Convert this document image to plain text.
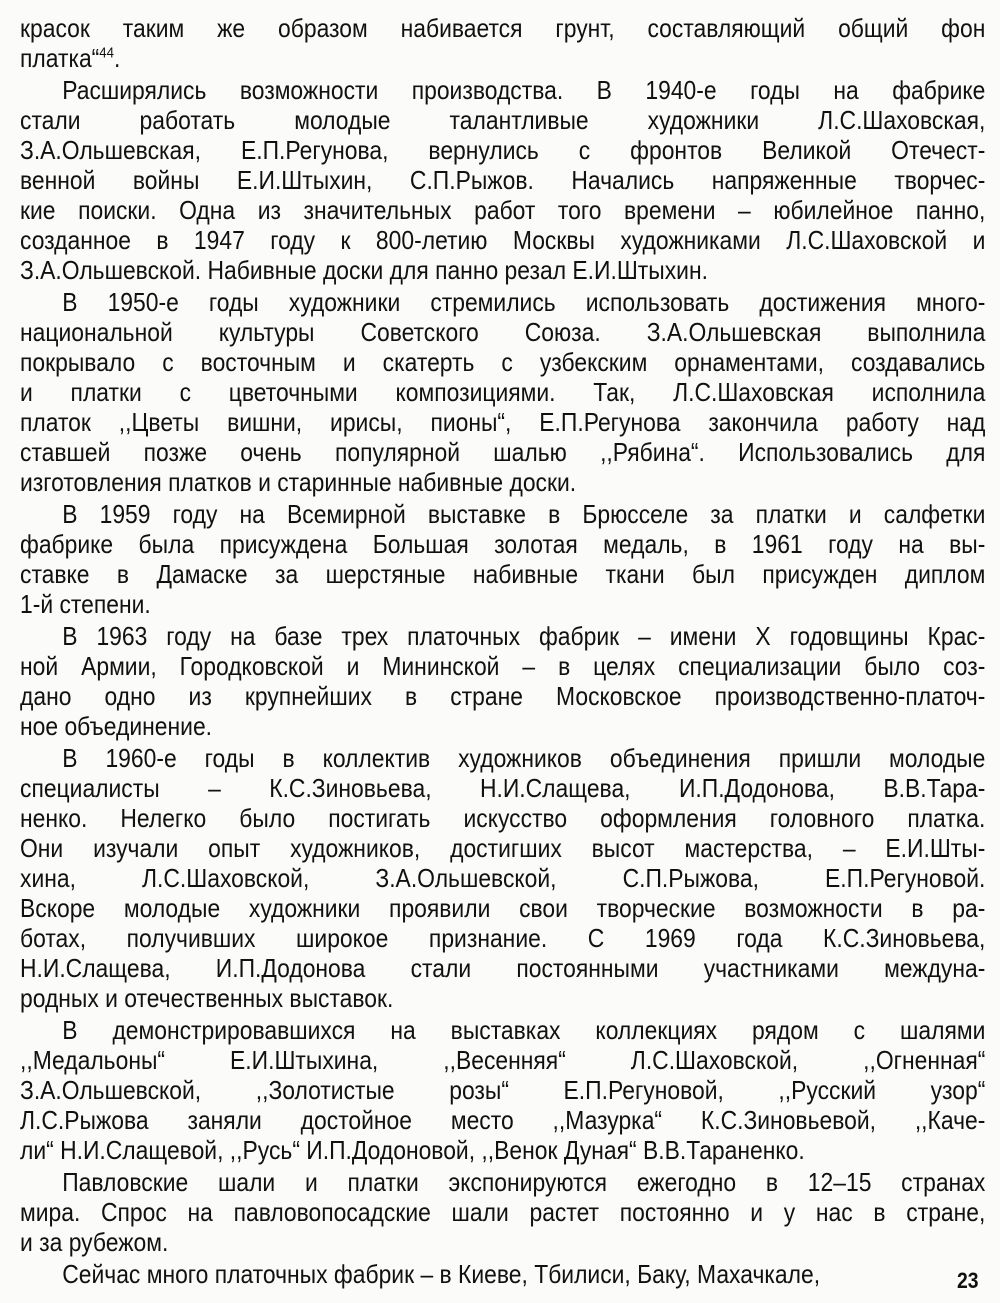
красок таким же образом набивается грунт, составляющий общий фон
платка“$^{44}$.
Расширялись возможности производства. В 1940-е годы на фабрике
стали работать молодые талантливые художники Л.С.Шаховская,
З.А.Ольшевская, Е.П.Регунова, вернулись с фронтов Великой Отечест-
венной войны Е.И.Штыхин, С.П.Рыжов. Начались напряженные творчес-
кие поиски. Одна из значительных работ того времени – юбилейное панно,
созданное в 1947 году к 800-летию Москвы художниками Л.С.Шаховской и
З.А.Ольшевской. Набивные доски для панно резал Е.И.Штыхин.
В 1950-е годы художники стремились использовать достижения много-
национальной культуры Советского Союза. З.А.Ольшевская выполнила
покрывало с восточным и скатерть с узбекским орнаментами, создавались
и платки с цветочными композициями. Так, Л.С.Шаховская исполнила
платок ,,Цветы вишни, ирисы, пионы“, Е.П.Регунова закончила работу над
ставшей позже очень популярной шалью ,,Рябина“. Использовались для
изготовления платков и старинные набивные доски.
В 1959 году на Всемирной выставке в Брюсселе за платки и салфетки
фабрике была присуждена Большая золотая медаль, в 1961 году на вы-
ставке в Дамаске за шерстяные набивные ткани был присужден диплом
1-й степени.
В 1963 году на базе трех платочных фабрик – имени X годовщины Крас-
ной Армии, Городковской и Мининской – в целях специализации было соз-
дано одно из крупнейших в стране Московское производственно-платоч-
ное объединение.
В 1960-е годы в коллектив художников объединения пришли молодые
специалисты – К.С.Зиновьева, Н.И.Слащева, И.П.Додонова, В.В.Тара-
ненко. Нелегко было постигать искусство оформления головного платка.
Они изучали опыт художников, достигших высот мастерства, – Е.И.Шты-
хина, Л.С.Шаховской, З.А.Ольшевской, С.П.Рыжова, Е.П.Регуновой.
Вскоре молодые художники проявили свои творческие возможности в ра-
ботах, получивших широкое признание. С 1969 года К.С.Зиновьева,
Н.И.Слащева, И.П.Додонова стали постоянными участниками междуна-
родных и отечественных выставок.
В демонстрировавшихся на выставках коллекциях рядом с шалями
,,Медальоны“ Е.И.Штыхина, ,,Весенняя“ Л.С.Шаховской, ,,Огненная“
З.А.Ольшевской, ,,Золотистые розы“ Е.П.Регуновой, ,,Русский узор“
Л.С.Рыжова заняли достойное место ,,Мазурка“ К.С.Зиновьевой, ,,Каче-
ли“ Н.И.Слащевой, ,,Русь“ И.П.Додоновой, ,,Венок Дуная“ В.В.Тараненко.
Павловские шали и платки экспонируются ежегодно в 12–15 странах
мира. Спрос на павловопосадские шали растет постоянно и у нас в стране,
и за рубежом.
Сейчас много платочных фабрик – в Киеве, Тбилиси, Баку, Махачкале,	23
